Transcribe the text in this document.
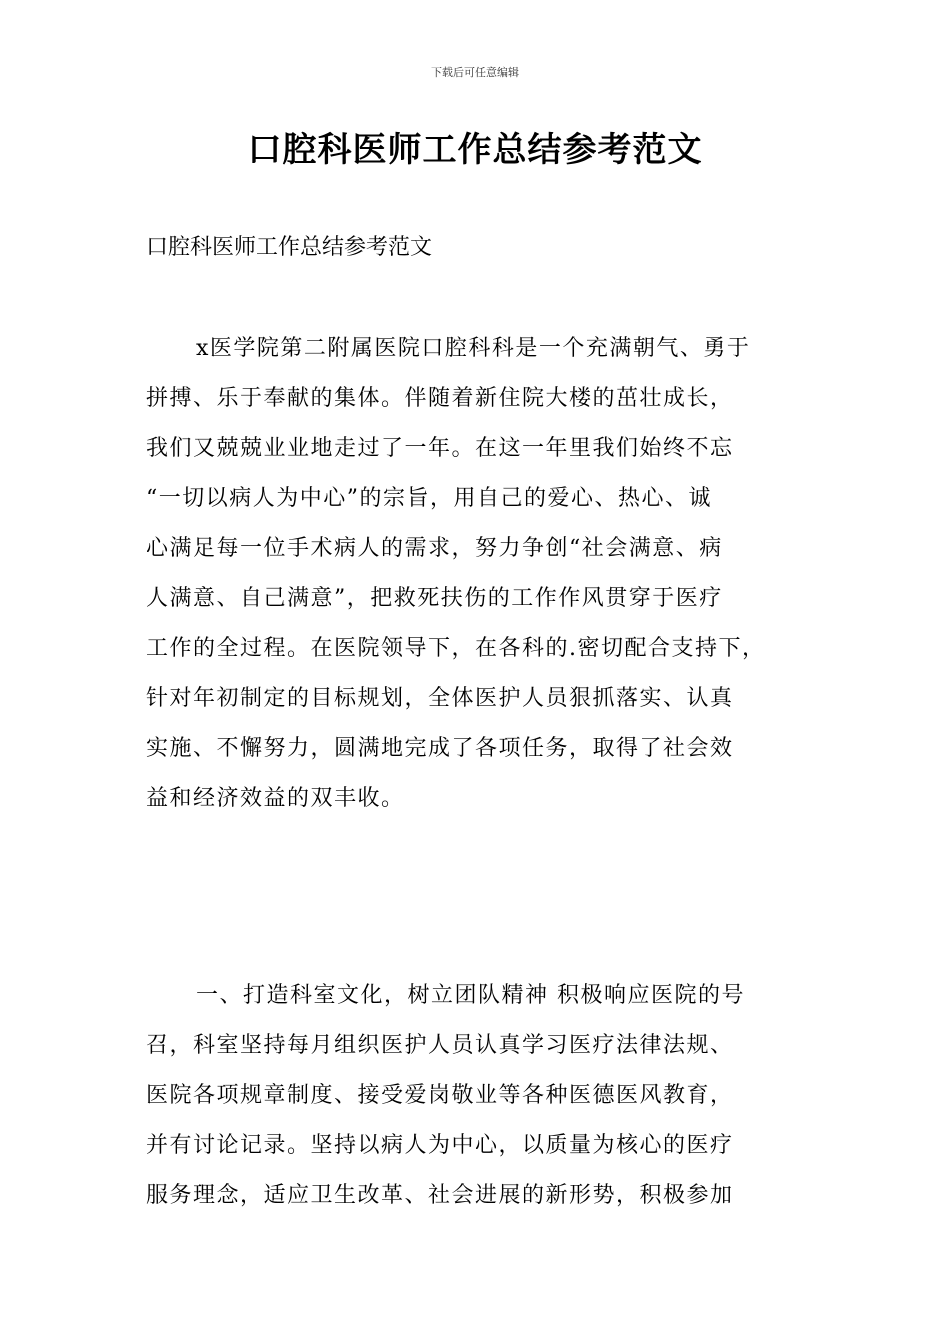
下载后可任意编辑
口腔科医师工作总结参考范文
口腔科医师工作总结参考范文
x医学院第二附属医院口腔科科是一个充满朝气、勇于
拼搏、乐于奉献的集体。伴随着新住院大楼的茁壮成长，
我们又兢兢业业地走过了一年。在这一年里我们始终不忘
“一切以病人为中心”的宗旨，用自己的爱心、热心、诚
心满足每一位手术病人的需求，努力争创“社会满意、病
人满意、自己满意”，把救死扶伤的工作作风贯穿于医疗
工作的全过程。在医院领导下，在各科的.密切配合支持下，
针对年初制定的目标规划，全体医护人员狠抓落实、认真
实施、不懈努力，圆满地完成了各项任务，取得了社会效
益和经济效益的双丰收。
一、打造科室文化，树立团队精神 积极响应医院的号
召，科室坚持每月组织医护人员认真学习医疗法律法规、
医院各项规章制度、接受爱岗敬业等各种医德医风教育，
并有讨论记录。坚持以病人为中心，以质量为核心的医疗
服务理念，适应卫生改革、社会进展的新形势，积极参加
